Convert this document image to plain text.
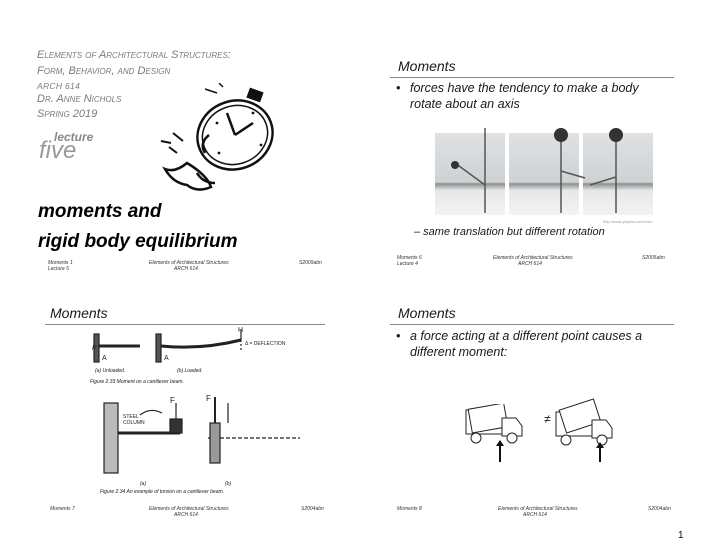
Elements of Architectural Structures:
Form, Behavior, and Design
ARCH 614
Dr. Anne Nichols
Spring 2019
lecture
five
moments and
rigid body equilibrium
Moments 1
Lecture 5
Elements of Architectural Structures
ARCH 614
S2009abn
Moments
• forces have the tendency to make a body rotate about an axis
http://www.physics.umd.edu
– same translation but different rotation
Moments 6
Lecture 4
Elements of Architectural Structures
ARCH 614
S2005abn
Moments
P
A	A
H
Δ = DEFLECTION
(a) Unloaded.	(b) Loaded.
Figure 2.33 Moment on a cantilever beam.
F	F
STEEL COLUMN
(a)	(b)
Figure 2.34 An example of torsion on a cantilever beam.
Moments 7	Elements of Architectural Structures
ARCH 614
S2004abn
Moments
• a force acting at a different point causes a different moment:
≠
Moments 8	Elements of Architectural Structures
ARCH 614
S2004abn
1
